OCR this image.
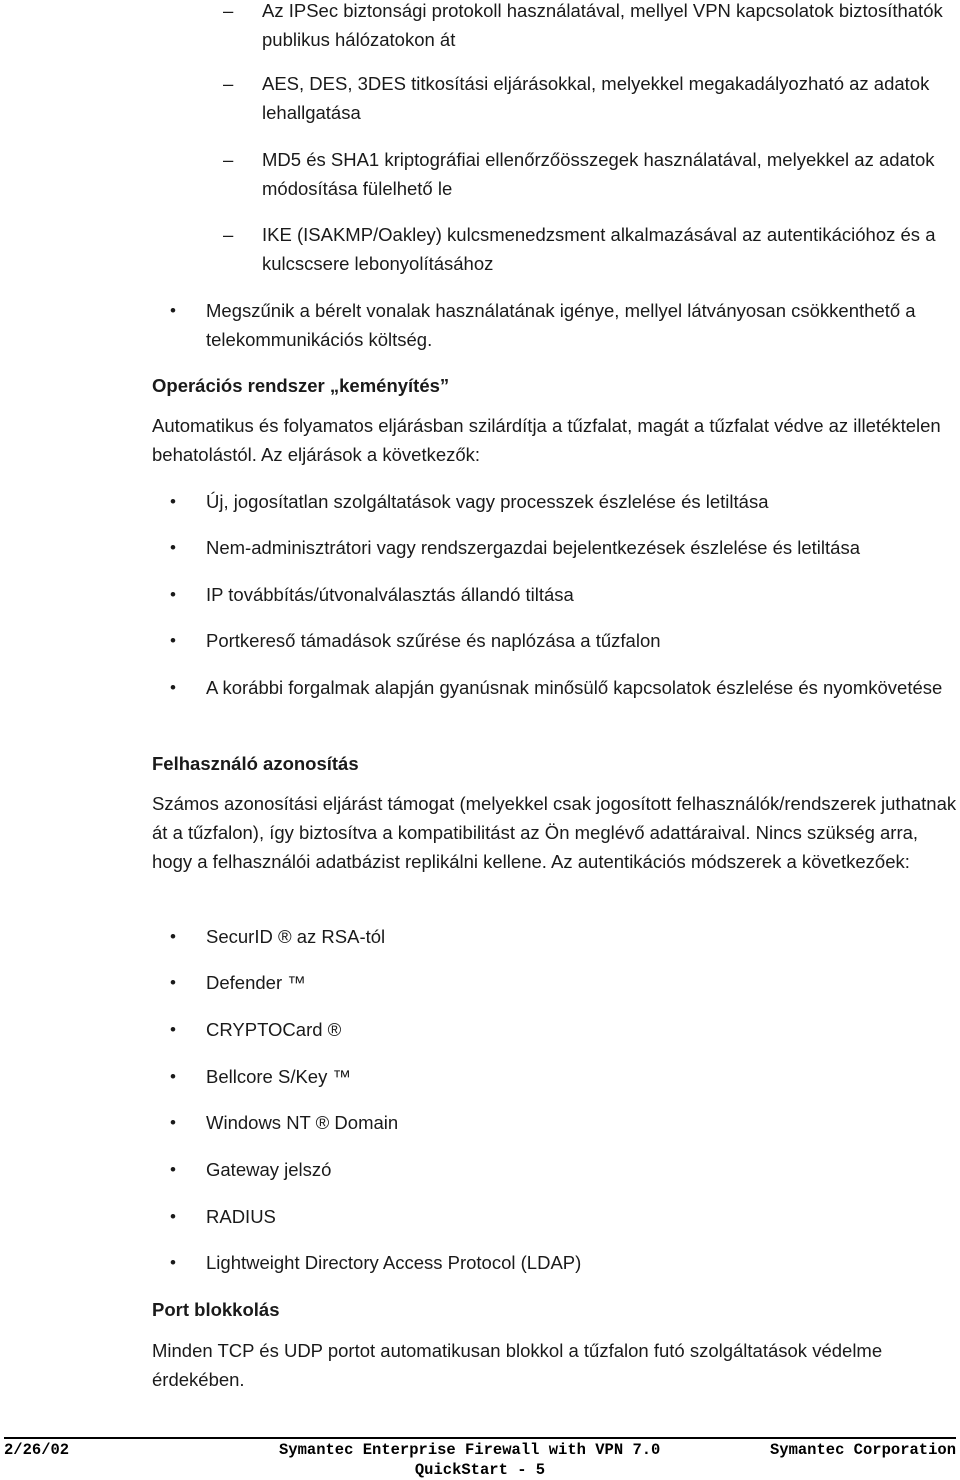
–	Az IPSec biztonsági protokoll használatával, mellyel VPN kapcsolatok biztosíthatók publikus hálózatokon át
–	AES, DES, 3DES titkosítási eljárásokkal, melyekkel megakadályozható az adatok lehallgatása
–	MD5 és SHA1 kriptográfiai ellenőrzőösszegek használatával, melyekkel az adatok módosítása fülelhető le
–	IKE (ISAKMP/Oakley) kulcsmenedzsment alkalmazásával az autentikációhoz és a kulcscsere lebonyolításához
•	Megszűnik a bérelt vonalak használatának igénye, mellyel látványosan csökkenthető a telekommunikációs költség.
Operációs rendszer „keményítés”
Automatikus és folyamatos eljárásban szilárdítja a tűzfalat, magát a tűzfalat védve az illetéktelen behatolástól. Az eljárások a következők:
•	Új, jogosítatlan szolgáltatások vagy processzek észlelése és letiltása
•	Nem-adminisztrátori vagy rendszergazdai bejelentkezések észlelése és letiltása
•	IP továbbítás/útvonalválasztás állandó tiltása
•	Portkereső támadások szűrése és naplózása a tűzfalon
•	A korábbi forgalmak alapján gyanúsnak minősülő kapcsolatok észlelése és nyomkövetése
Felhasználó azonosítás
Számos azonosítási eljárást támogat (melyekkel csak jogosított felhasználók/rendszerek juthatnak át a tűzfalon), így biztosítva a kompatibilitást az Ön meglévő adattáraival. Nincs szükség arra, hogy a felhasználói adatbázist replikálni kellene. Az autentikációs módszerek a következőek:
•	SecurID ® az RSA-tól
•	Defender ™
•	CRYPTOCard ®
•	Bellcore S/Key ™
•	Windows NT ® Domain
•	Gateway jelszó
•	RADIUS
•	Lightweight Directory Access Protocol (LDAP)
Port blokkolás
Minden TCP és UDP portot automatikusan blokkol a tűzfalon futó szolgáltatások védelme érdekében.
2/26/02	Symantec Enterprise Firewall with VPN 7.0	Symantec Corporation
QuickStart - 5
